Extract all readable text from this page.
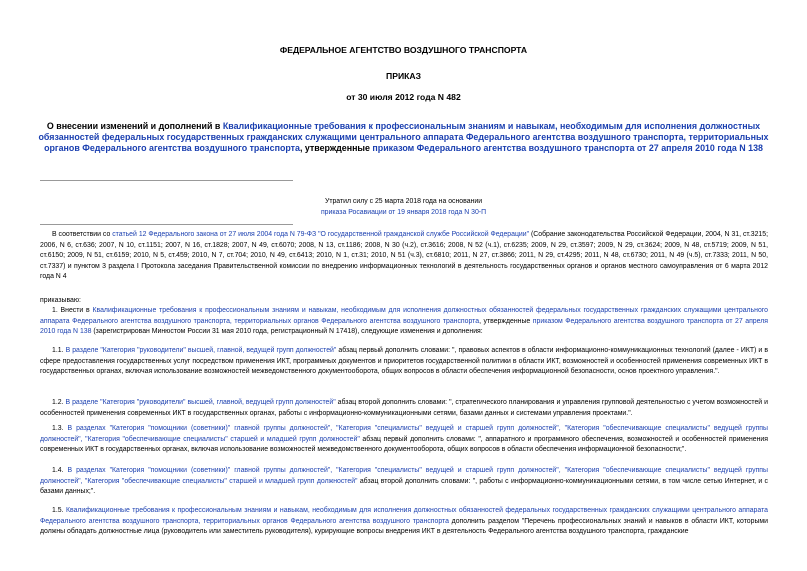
ФЕДЕРАЛЬНОЕ АГЕНТСТВО ВОЗДУШНОГО ТРАНСПОРТА
ПРИКАЗ
от 30 июля 2012 года N 482
О внесении изменений и дополнений в Квалификационные требования к профессиональным знаниям и навыкам, необходимым для исполнения должностных обязанностей федеральных государственных гражданских служащими центрального аппарата Федерального агентства воздушного транспорта, территориальных органов Федерального агентства воздушного транспорта, утвержденные приказом Федерального агентства воздушного транспорта от 27 апреля 2010 года N 138
Утратил силу с 25 марта 2018 года на основании
приказа Росавиации от 19 января 2018 года N 30-П
В соответствии со статьей 12 Федерального закона от 27 июля 2004 года N 79-ФЗ "О государственной гражданской службе Российской Федерации" (Собрание законодательства Российской Федерации, 2004, N 31, ст.3215; 2006, N 6, ст.636; 2007, N 10, ст.1151; 2007, N 16, ст.1828; 2007, N 49, ст.6070; 2008, N 13, ст.1186; 2008, N 30 (ч.2), ст.3616; 2008, N 52 (ч.1), ст.6235; 2009, N 29, ст.3597; 2009, N 29, ст.3624; 2009, N 48, ст.5719; 2009, N 51, ст.6150; 2009, N 51, ст.6159; 2010, N 5, ст.459; 2010, N 7, ст.704; 2010, N 49, ст.6413; 2010, N 1, ст.31; 2010, N 51 (ч.3), ст.6810; 2011, N 27, ст.3866; 2011, N 29, ст.4295; 2011, N 48, ст.6730; 2011, N 49 (ч.5), ст.7333; 2011, N 50, ст.7337) и пунктом 3 раздела I Протокола заседания Правительственной комиссии по внедрению информационных технологий в деятельность государственных органов и органов местного самоуправления от 6 марта 2012 года N 4
приказываю:
1. Внести в Квалификационные требования к профессиональным знаниям и навыкам, необходимым для исполнения должностных обязанностей федеральных государственных гражданских служащими центрального аппарата Федерального агентства воздушного транспорта, территориальных органов Федерального агентства воздушного транспорта, утвержденные приказом Федерального агентства воздушного транспорта от 27 апреля 2010 года N 138 (зарегистрирован Минюстом России 31 мая 2010 года, регистрационный N 17418), следующие изменения и дополнения:
1.1. В разделе "Категория "руководители" высшей, главной, ведущей групп должностей" абзац первый дополнить словами: ", правовых аспектов в области информационно-коммуникационных технологий (далее - ИКТ) и в сфере предоставления государственных услуг посредством применения ИКТ, программных документов и приоритетов государственной политики в области ИКТ, возможностей и особенностей применения современных ИКТ в государственных органах, включая использование возможностей межведомственного документооборота, общих вопросов в области обеспечения информационной безопасности, основ проектного управления.".
1.2. В разделе "Категория "руководители" высшей, главной, ведущей групп должностей" абзац второй дополнить словами: ", стратегического планирования и управления групповой деятельностью с учетом возможностей и особенностей применения современных ИКТ в государственных органах, работы с информационно-коммуникационными сетями, базами данных и системами управления проектами.".
1.3. В разделах "Категория "помощники (советники)" главной группы должностей", "Категория "специалисты" ведущей и старшей групп должностей", "Категория "обеспечивающие специалисты" ведущей группы должностей", "Категория "обеспечивающие специалисты" старшей и младшей групп должностей" абзац первый дополнить словами: ", аппаратного и программного обеспечения, возможностей и особенностей применения современных ИКТ в государственных органах, включая использование возможностей межведомственного документооборота, общих вопросов в области обеспечения информационной безопасности;".
1.4. В разделах "Категория "помощники (советники)" главной группы должностей", "Категория "специалисты" ведущей и старшей групп должностей", "Категория "обеспечивающие специалисты" ведущей группы должностей", "Категория "обеспечивающие специалисты" старшей и младшей групп должностей" абзац второй дополнить словами: ", работы с информационно-коммуникационными сетями, в том числе сетью Интернет, и с базами данных;".
1.5. Квалификационные требования к профессиональным знаниям и навыкам, необходимым для исполнения должностных обязанностей федеральных государственных гражданских служащими центрального аппарата Федерального агентства воздушного транспорта, территориальных органов Федерального агентства воздушного транспорта дополнить разделом "Перечень профессиональных знаний и навыков в области ИКТ, которыми должны обладать должностные лица (руководитель или заместитель руководителя), курирующие вопросы внедрения ИКТ в деятельность Федерального агентства воздушного транспорта, гражданские
